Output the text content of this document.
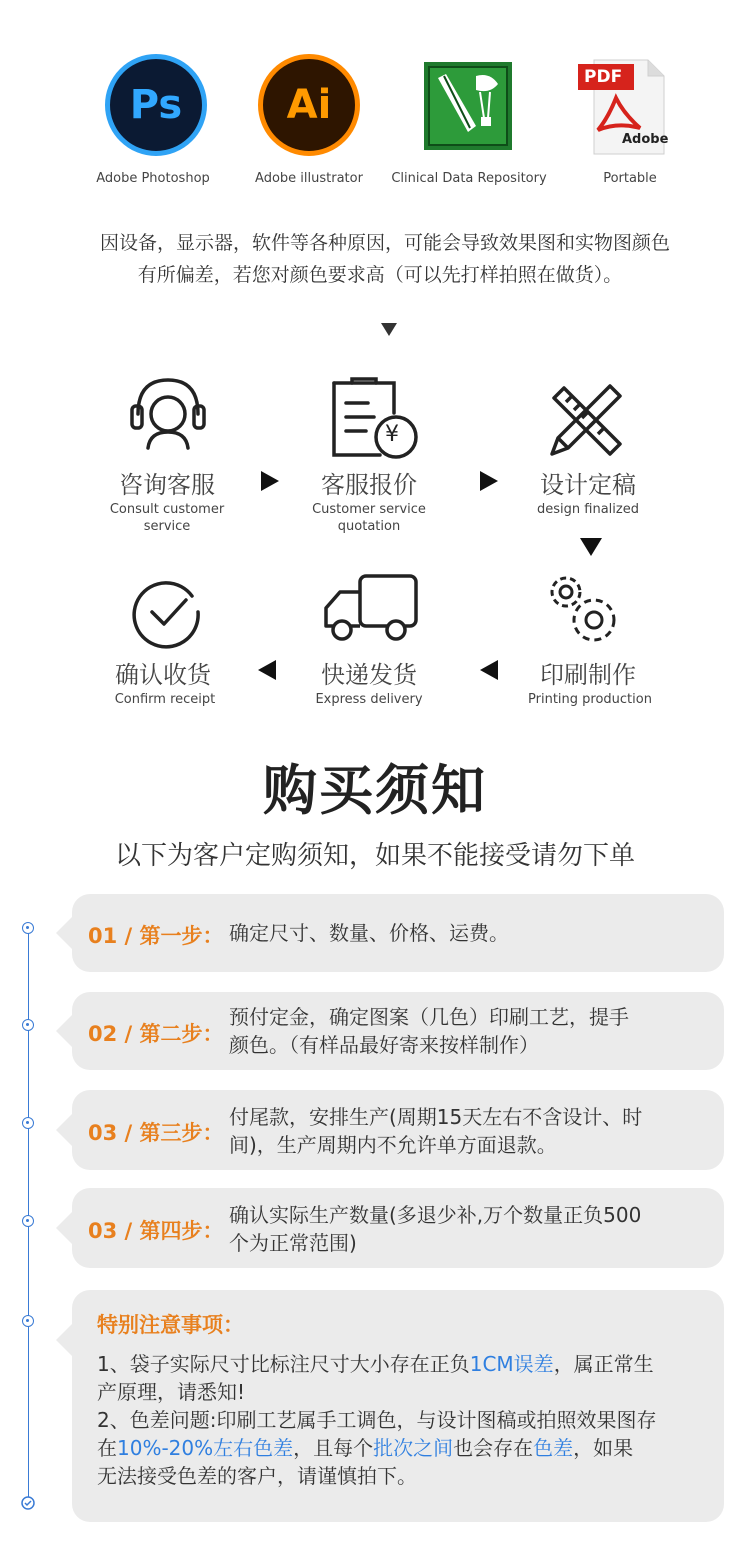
Ps
Adobe Photoshop
Ai
Adobe illustrator	Clinical Data Repository
PDF
Adobe
Portable
因设备，显示器，软件等各种原因，可能会导致效果图和实物图颜色
有所偏差，若您对颜色要求高（可以先打样拍照在做货）。
咨询客服
Consult customer
service
¥
客服报价
Customer service
quotation
设计定稿
design finalized
印刷制作
Printing production
快递发货
Express delivery
确认收货
Confirm receipt
购买须知
以下为客户定购须知，如果不能接受请勿下单
01 / 第一步： 确定尺寸、数量、价格、运费。
02 / 第二步：
预付定金，确定图案（几色）印刷工艺，提手
颜色。（有样品最好寄来按样制作）
03 / 第三步：
付尾款，安排生产(周期15天左右不含设计、时
间)，生产周期内不允许单方面退款。
03 / 第四步：
确认实际生产数量(多退少补,万个数量正负500
个为正常范围)
特别注意事项：
1、袋子实际尺寸比标注尺寸大小存在正负1CM误差，属正常生
产原理，请悉知!
2、色差问题:印刷工艺属手工调色，与设计图稿或拍照效果图存
在10%-20%左右色差，且每个批次之间也会存在色差，如果
无法接受色差的客户，请谨慎拍下。
